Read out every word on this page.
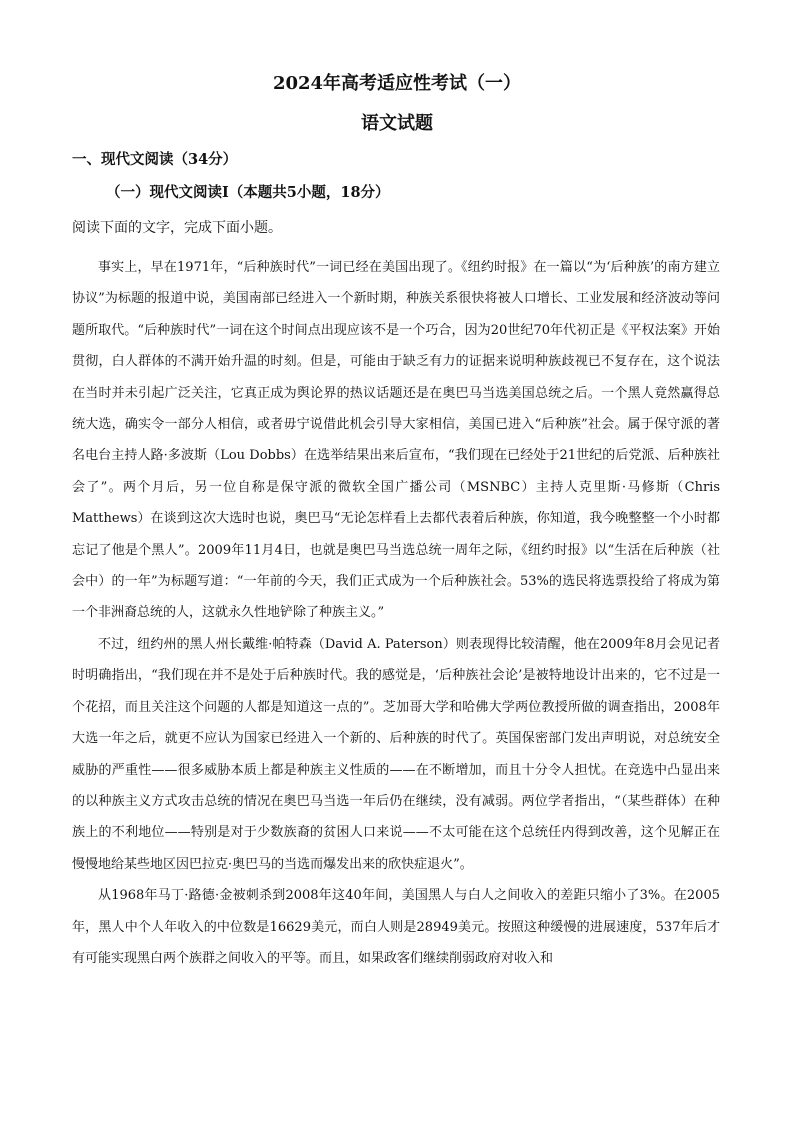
2024年高考适应性考试（一）
语文试题
一、现代文阅读（34分）
（一）现代文阅读Ⅰ（本题共5小题，18分）
阅读下面的文字，完成下面小题。

事实上，早在1971年，“后种族时代”一词已经在美国出现了。《纽约时报》在一篇以“为‘后种族’的南方建立协议”为标题的报道中说，美国南部已经进入一个新时期，种族关系很快将被人口增长、工业发展和经济波动等问题所取代。“后种族时代”一词在这个时间点出现应该不是一个巧合，因为20世纪70年代初正是《平权法案》开始贯彻，白人群体的不满开始升温的时刻。但是，可能由于缺乏有力的证据来说明种族歧视已不复存在，这个说法在当时并未引起广泛关注，它真正成为舆论界的热议话题还是在奥巴马当选美国总统之后。一个黑人竟然赢得总统大选，确实令一部分人相信，或者毋宁说借此机会引导大家相信，美国已进入“后种族”社会。属于保守派的著名电台主持人路·多波斯（Lou Dobbs）在选举结果出来后宣布，“我们现在已经处于21世纪的后党派、后种族社会了”。两个月后，另一位自称是保守派的微软全国广播公司（MSNBC）主持人克里斯·马修斯（Chris Matthews）在谈到这次大选时也说，奥巴马“无论怎样看上去都代表着后种族，你知道，我今晚整整一个小时都忘记了他是个黑人”。2009年11月4日，也就是奥巴马当选总统一周年之际，《纽约时报》以“生活在后种族（社会中）的一年”为标题写道：“一年前的今天，我们正式成为一个后种族社会。53%的选民将选票投给了将成为第一个非洲裔总统的人，这就永久性地铲除了种族主义。”

不过，纽约州的黑人州长戴维·帕特森（David A. Paterson）则表现得比较清醒，他在2009年8月会见记者时明确指出，“我们现在并不是处于后种族时代。我的感觉是，‘后种族社会论’是被特地设计出来的，它不过是一个花招，而且关注这个问题的人都是知道这一点的”。芝加哥大学和哈佛大学两位教授所做的调查指出，2008年大选一年之后，就更不应认为国家已经进入一个新的、后种族的时代了。英国保密部门发出声明说，对总统安全威胁的严重性——很多威胁本质上都是种族主义性质的——在不断增加，而且十分令人担忧。在竞选中凸显出来的以种族主义方式攻击总统的情况在奥巴马当选一年后仍在继续，没有减弱。两位学者指出，“（某些群体）在种族上的不利地位——特别是对于少数族裔的贫困人口来说——不太可能在这个总统任内得到改善，这个见解正在慢慢地给某些地区因巴拉克·奥巴马的当选而爆发出来的欣快症退火”。

从1968年马丁·路德·金被刺杀到2008年这40年间，美国黑人与白人之间收入的差距只缩小了3%。在2005年，黑人中个人年收入的中位数是16629美元，而白人则是28949美元。按照这种缓慢的进展速度，537年后才有可能实现黑白两个族群之间收入的平等。而且，如果政客们继续削弱政府对收入和
